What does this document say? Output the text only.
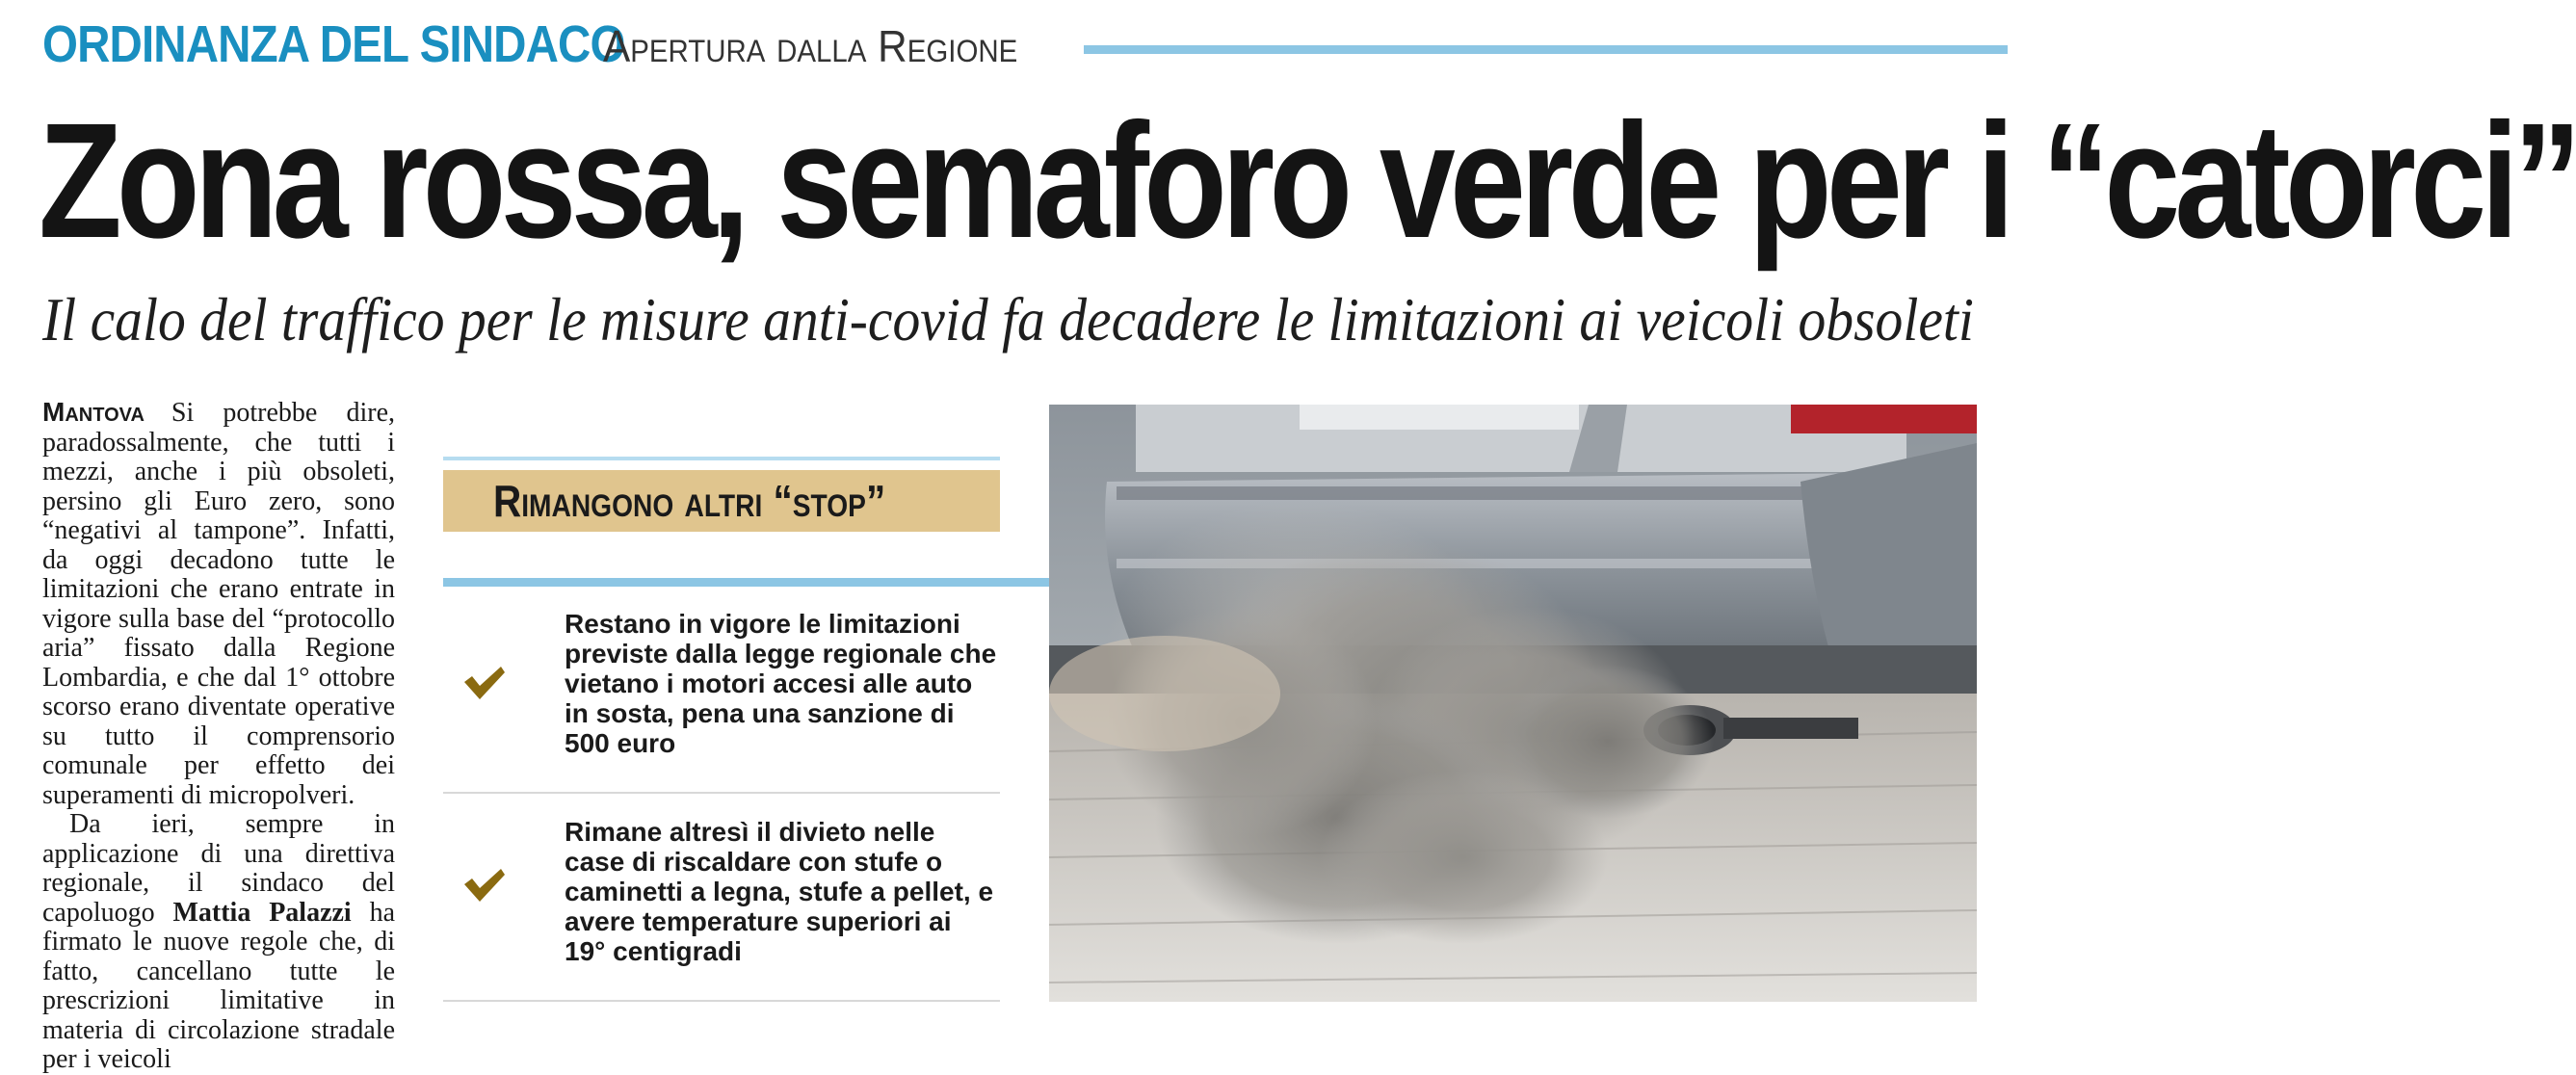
ORDINANZA DEL SINDACO
Apertura dalla Regione
Zona rossa, semaforo verde per i “catorci”
Il calo del traffico per le misure anti-covid fa decadere le limitazioni ai veicoli obsoleti

Mantova Si potrebbe dire, paradossalmente, che tutti i mezzi, anche i più obsoleti, persino gli Euro zero, sono “negativi al tampone”. Infatti, da oggi decadono tutte le limitazioni che erano entrate in vigore sulla base del “protocollo aria” fissato dalla Regione Lombardia, e che dal 1° ottobre scorso erano diventate operative su tutto il comprensorio comunale per effetto dei superamenti di micropolveri.

Da ieri, sempre in applicazione di una direttiva regionale, il sindaco del capoluogo Mattia Palazzi ha firmato le nuove regole che, di fatto, cancellano tutte le prescrizioni limitative in materia di circolazione stradale per i veicoli

Rimangono altri “stop”
Restano in vigore le limitazioni previste dalla legge regionale che vietano i motori accesi alle auto in sosta, pena una sanzione di 500 euro
Rimane altresì il divieto nelle case di riscaldare con stufe o caminetti a legna, stufe a pellet, e avere temperature superiori ai 19° centigradi
